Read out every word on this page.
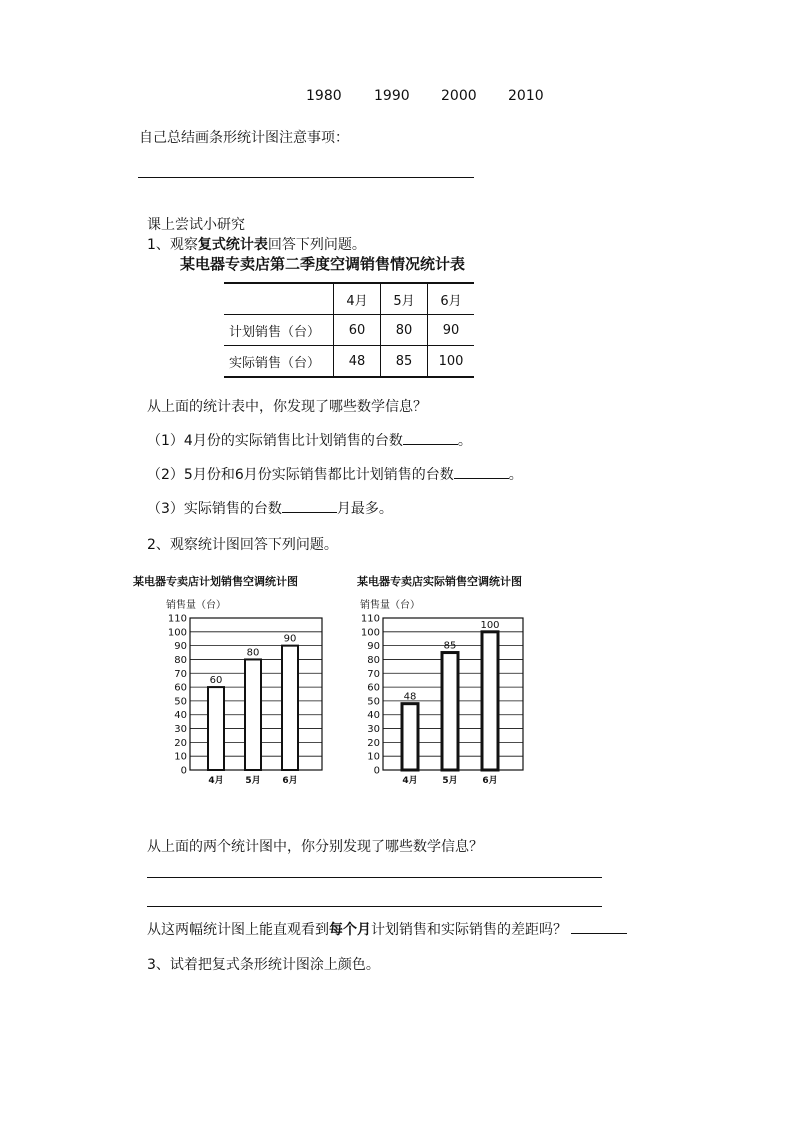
1980 1990 2000 2010
自己总结画条形统计图注意事项：
课上尝试小研究
1、观察复式统计表回答下列问题。
某电器专卖店第二季度空调销售情况统计表
	4月	5月	6月
计划销售（台）	60	80	90
实际销售（台）	48	85	100
从上面的统计表中，你发现了哪些数学信息？
（1）4月份的实际销售比计划销售的台数	。
（2）5月份和6月份实际销售都比计划销售的台数	。
（3）实际销售的台数	月最多。
2、观察统计图回答下列问题。
某电器专卖店计划销售空调统计图
销售量（台）
0
10
20
30
40
50
60
70
80
90
100
110
60
4月
80
5月
90
6月
某电器专卖店实际销售空调统计图
销售量（台）
0
10
20
30
40
50
60
70
80
90
100
110
48
4月
85
5月
100
6月
从上面的两个统计图中，你分别发现了哪些数学信息？
从这两幅统计图上能直观看到每个月计划销售和实际销售的差距吗？
3、试着把复式条形统计图涂上颜色。
